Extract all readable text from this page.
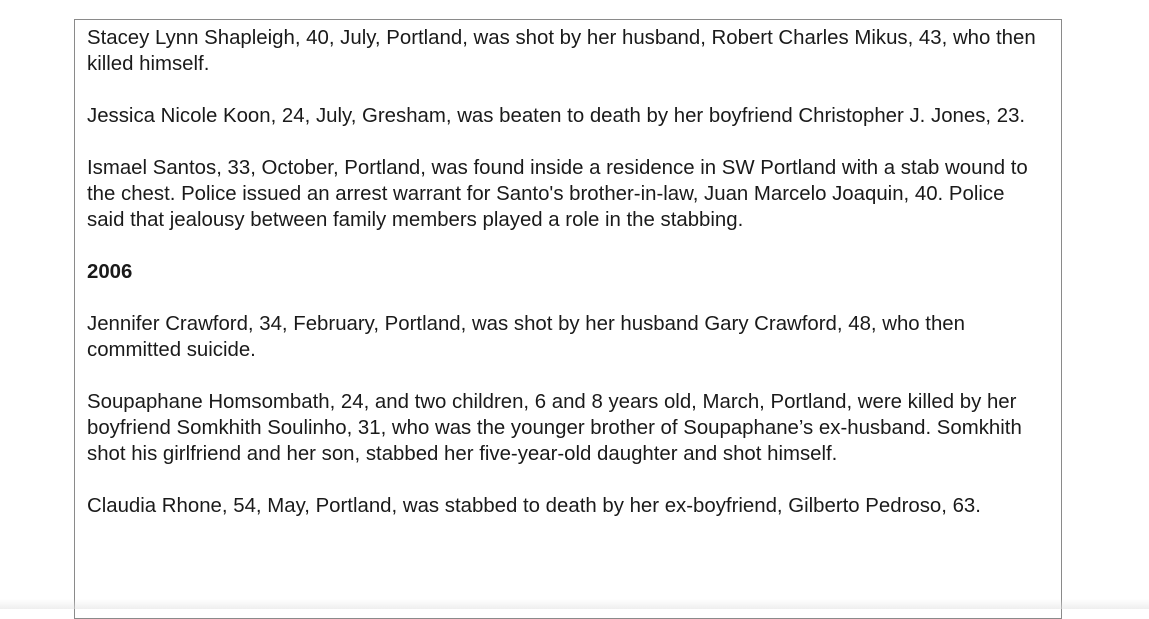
Stacey Lynn Shapleigh, 40, July, Portland, was shot by her husband, Robert Charles Mikus, 43, who then killed himself.

Jessica Nicole Koon, 24, July, Gresham, was beaten to death by her boyfriend Christopher J. Jones, 23.

Ismael Santos, 33, October, Portland, was found inside a residence in SW Portland with a stab wound to the chest. Police issued an arrest warrant for Santo's brother-in-law, Juan Marcelo Joaquin, 40. Police said that jealousy between family members played a role in the stabbing.

2006

Jennifer Crawford, 34, February, Portland, was shot by her husband Gary Crawford, 48, who then committed suicide.

Soupaphane Homsombath, 24, and two children, 6 and 8 years old, March, Portland, were killed by her boyfriend Somkhith Soulinho, 31, who was the younger brother of Soupaphane’s ex-husband. Somkhith shot his girlfriend and her son, stabbed her five-year-old daughter and shot himself.

Claudia Rhone, 54, May, Portland, was stabbed to death by her ex-boyfriend, Gilberto Pedroso, 63.
